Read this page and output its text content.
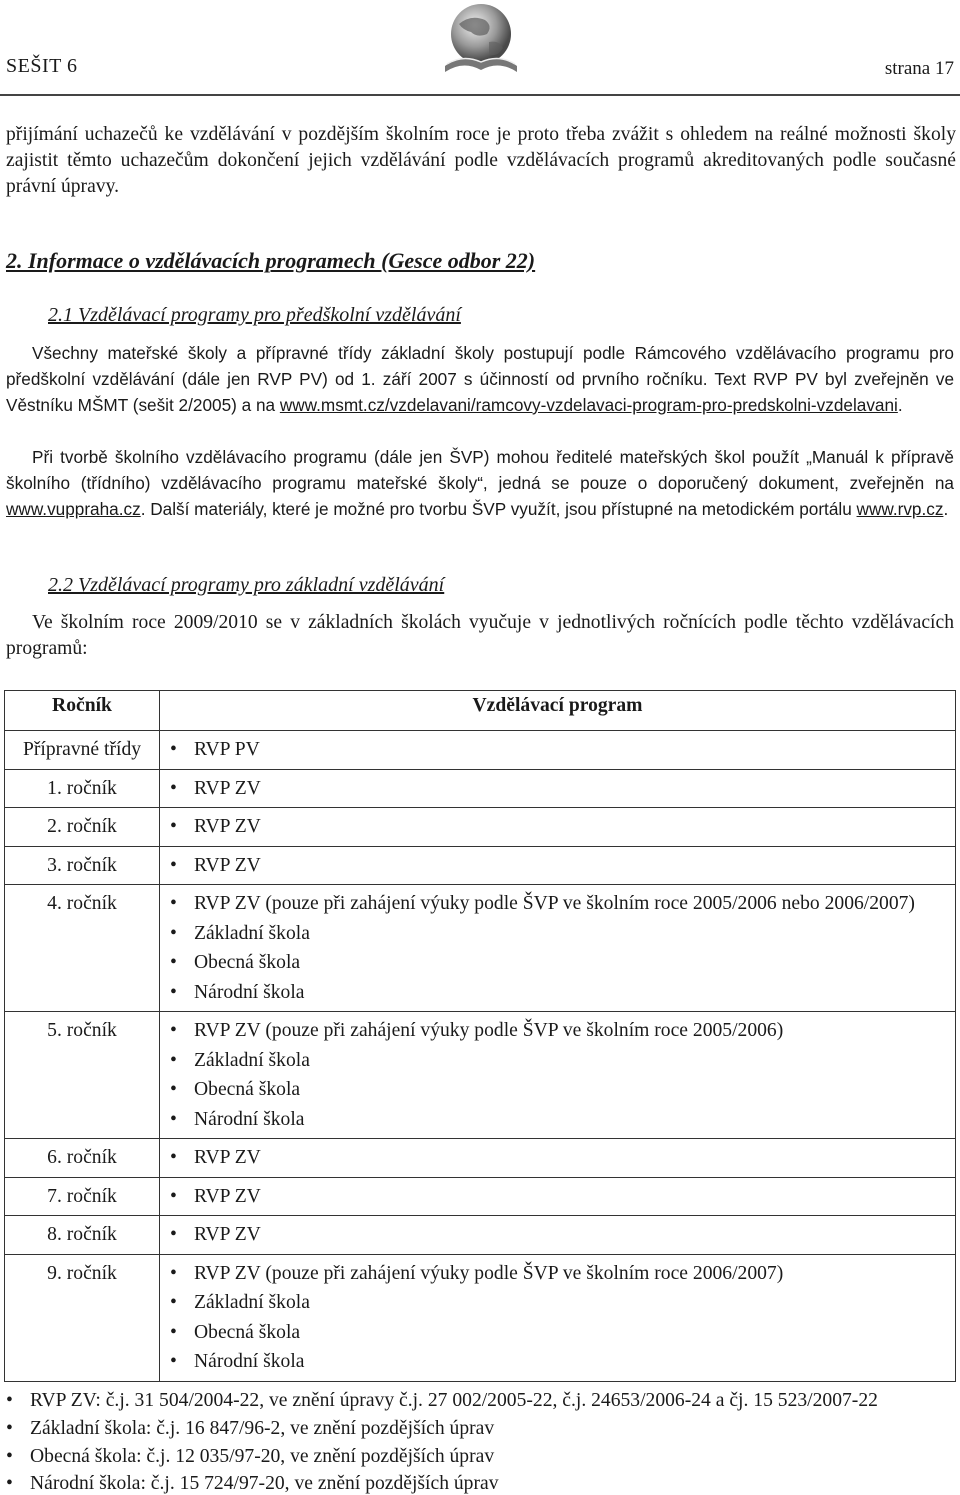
SEŠIT 6	strana 17

přijímání uchazečů ke vzdělávání v pozdějším školním roce je proto třeba zvážit s ohledem na reálné možnosti školy zajistit těmto uchazečům dokončení jejich vzdělávání podle vzdělávacích programů akreditovaných podle současné právní úpravy.

2. Informace o vzdělávacích programech (Gesce odbor 22)
2.1 Vzdělávací programy pro předškolní vzdělávání

Všechny mateřské školy a přípravné třídy základní školy postupují podle Rámcového vzdělávacího programu pro předškolní vzdělávání (dále jen RVP PV) od 1. září 2007 s účinností od prvního ročníku. Text RVP PV byl zveřejněn ve Věstníku MŠMT (sešit 2/2005) a na www.msmt.cz/vzdelavani/ramcovy-vzdelavaci-program-pro-predskolni-vzdelavani.

Při tvorbě školního vzdělávacího programu (dále jen ŠVP) mohou ředitelé mateřských škol použít „Manuál k přípravě školního (třídního) vzdělávacího programu mateřské školy“, jedná se pouze o doporučený dokument, zveřejněn na www.vuppraha.cz. Další materiály, které je možné pro tvorbu ŠVP využít, jsou přístupné na metodickém portálu www.rvp.cz.

2.2 Vzdělávací programy pro základní vzdělávání

Ve školním roce 2009/2010 se v základních školách vyučuje v jednotlivých ročnících podle těchto vzdělávacích programů:

Ročník	Vzdělávací program

Přípravné třídy	• RVP PV

1. ročník	• RVP ZV

2. ročník	• RVP ZV

3. ročník	• RVP ZV

4. ročník	• RVP ZV (pouze při zahájení výuky podle ŠVP ve školním roce 2005/2006 nebo 2006/2007)
• Základní škola
• Obecná škola
• Národní škola

5. ročník	• RVP ZV (pouze při zahájení výuky podle ŠVP ve školním roce 2005/2006)
• Základní škola
• Obecná škola
• Národní škola

6. ročník	• RVP ZV

7. ročník	• RVP ZV

8. ročník	• RVP ZV

9. ročník	• RVP ZV (pouze při zahájení výuky podle ŠVP ve školním roce 2006/2007)
• Základní škola
• Obecná škola
• Národní škola
• RVP ZV: č.j. 31 504/2004-22, ve znění úpravy č.j. 27 002/2005-22, č.j. 24653/2006-24 a čj. 15 523/2007-22
• Základní škola: č.j. 16 847/96-2, ve znění pozdějších úprav
• Obecná škola: č.j. 12 035/97-20, ve znění pozdějších úprav
• Národní škola: č.j. 15 724/97-20, ve znění pozdějších úprav
